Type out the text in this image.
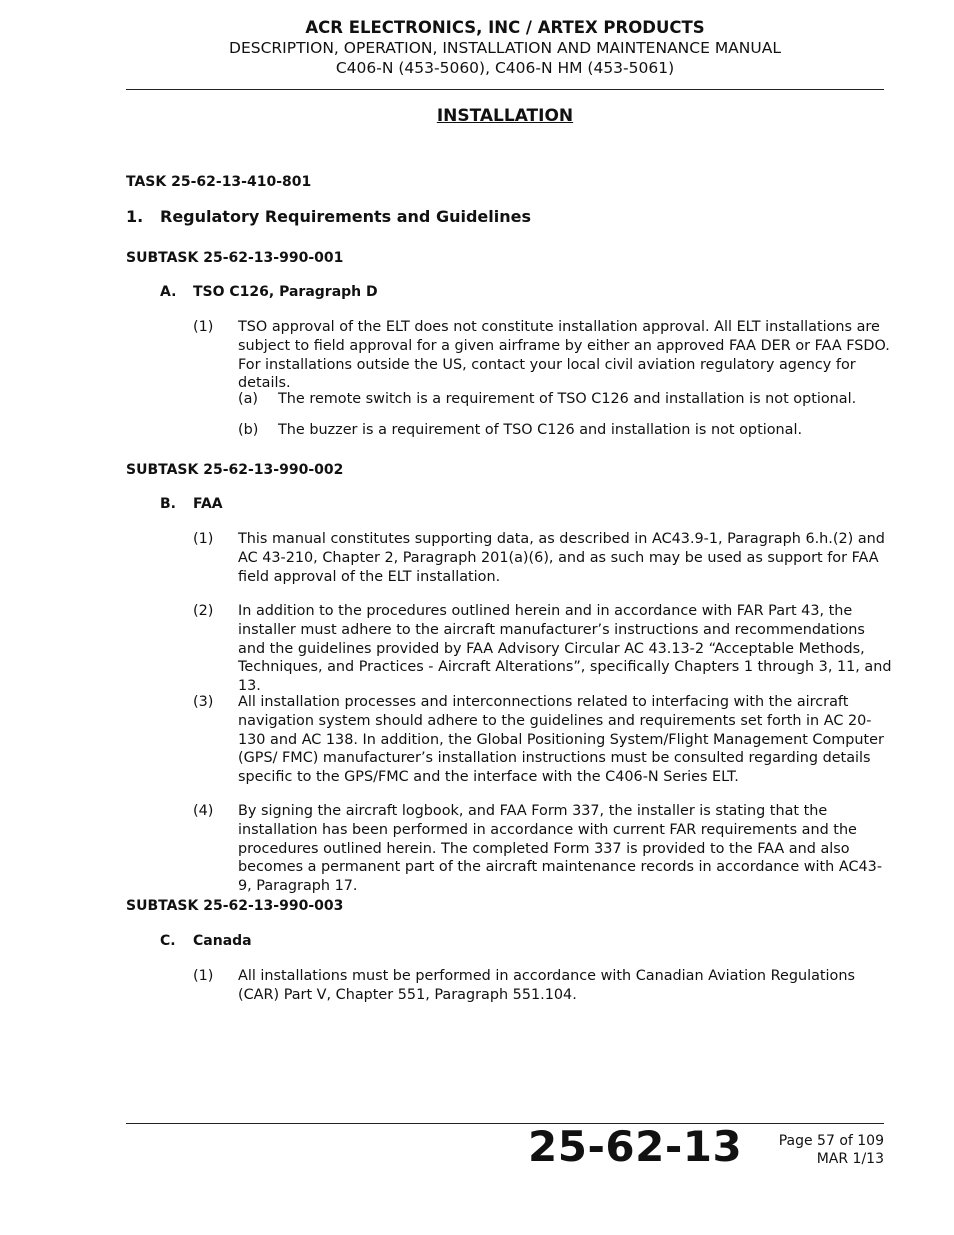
ACR ELECTRONICS, INC / ARTEX PRODUCTS
DESCRIPTION, OPERATION, INSTALLATION AND MAINTENANCE MANUAL
C406-N (453-5060), C406-N HM (453-5061)
INSTALLATION
TASK 25-62-13-410-801
1. Regulatory Requirements and Guidelines
SUBTASK 25-62-13-990-001
A. TSO C126, Paragraph D
(1) TSO approval of the ELT does not constitute installation approval. All ELT installations are subject to field approval for a given airframe by either an approved FAA DER or FAA FSDO. For installations outside the US, contact your local civil aviation regulatory agency for details.
(a) The remote switch is a requirement of TSO C126 and installation is not optional.
(b) The buzzer is a requirement of TSO C126 and installation is not optional.
SUBTASK 25-62-13-990-002
B. FAA
(1) This manual constitutes supporting data, as described in AC43.9-1, Paragraph 6.h.(2) and AC 43-210, Chapter 2, Paragraph 201(a)(6), and as such may be used as support for FAA field approval of the ELT installation.
(2) In addition to the procedures outlined herein and in accordance with FAR Part 43, the installer must adhere to the aircraft manufacturer’s instructions and recommendations and the guidelines provided by FAA Advisory Circular AC 43.13-2 “Acceptable Methods, Techniques, and Practices - Aircraft Alterations”, specifically Chapters 1 through 3, 11, and 13.
(3) All installation processes and interconnections related to interfacing with the aircraft navigation system should adhere to the guidelines and requirements set forth in AC 20-130 and AC 138. In addition, the Global Positioning System/Flight Management Computer (GPS/ FMC) manufacturer’s installation instructions must be consulted regarding details specific to the GPS/FMC and the interface with the C406-N Series ELT.
(4) By signing the aircraft logbook, and FAA Form 337, the installer is stating that the installation has been performed in accordance with current FAR requirements and the procedures outlined herein. The completed Form 337 is provided to the FAA and also becomes a permanent part of the aircraft maintenance records in accordance with AC43-9, Paragraph 17.
SUBTASK 25-62-13-990-003
C. Canada
(1) All installations must be performed in accordance with Canadian Aviation Regulations (CAR) Part V, Chapter 551, Paragraph 551.104.
25-62-13	Page 57 of 109
MAR 1/13
